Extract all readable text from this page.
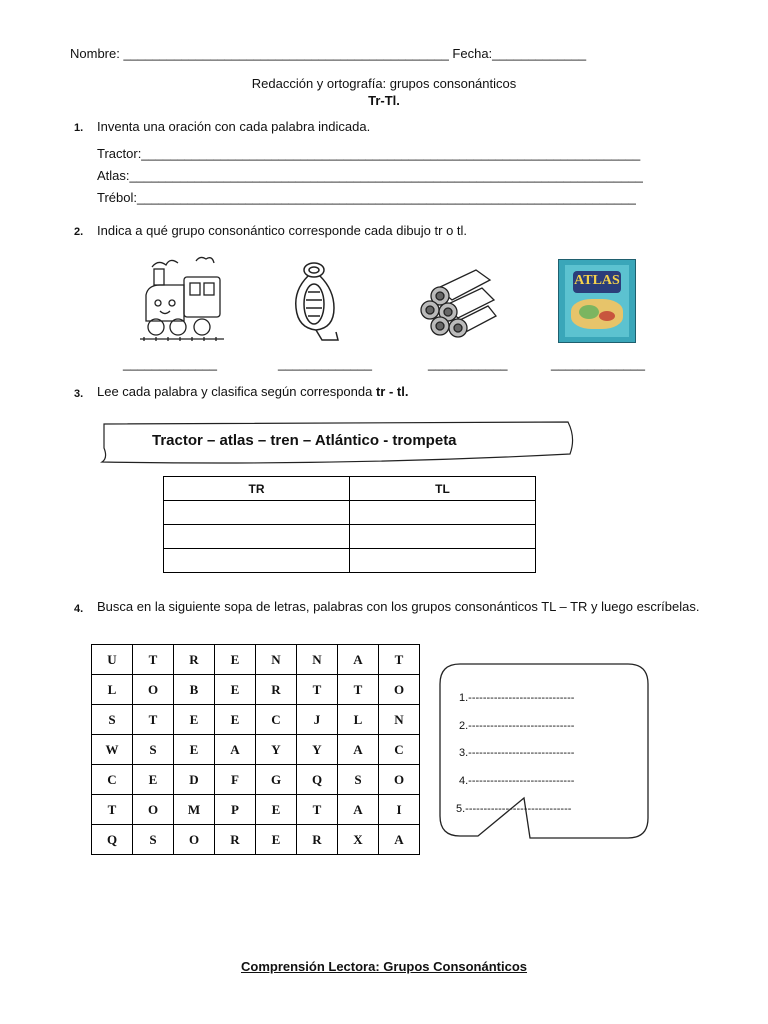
Nombre: _____________________________________________ Fecha:_____________
Redacción y ortografía: grupos consonánticos
Tr-Tl.
1. Inventa una oración con cada palabra indicada.
Tractor:_____________________________________________________________________
Atlas:_______________________________________________________________________
Trébol:_____________________________________________________________________
2. Indica a qué grupo consonántico corresponde cada dibujo tr o tl.
ATLAS
_____________	_____________	___________	_____________
3. Lee cada palabra y clasifica según corresponda tr - tl.
Tractor – atlas – tren – Atlántico - trompeta
TR	TL

4. Busca en la siguiente sopa de letras, palabras con los grupos consonánticos TL – TR y luego escríbelas.
U	T	R	E	N	N	A	T
L	O	B	E	R	T	T	O
S	T	E	E	C	J	L	N
W	S	E	A	Y	Y	A	C
C	E	D	F	G	Q	S	O
T	O	M	P	E	T	A	I
Q	S	O	R	E	R	X	A
1.-----------------------------
2.-----------------------------
3.-----------------------------
4.-----------------------------
5.-----------------------------
Comprensión Lectora: Grupos Consonánticos
